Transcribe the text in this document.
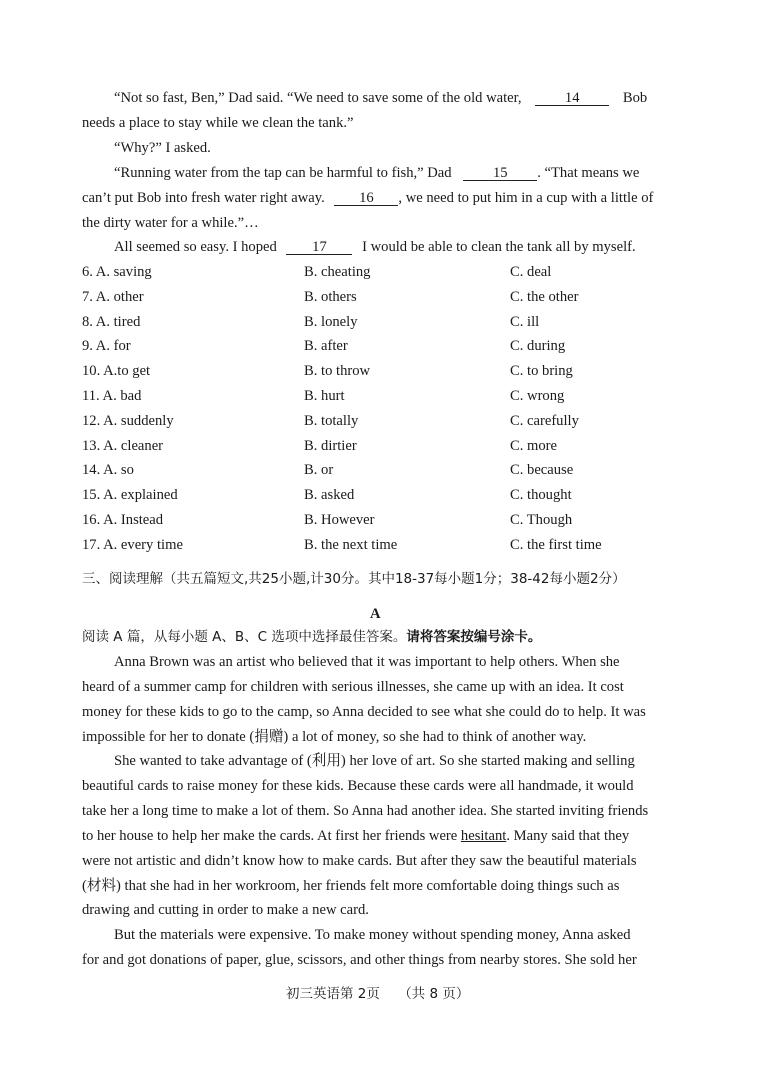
“Not so fast, Ben,” Dad said. “We need to save some of the old water,	14	Bob
needs a place to stay while we clean the tank.”
“Why?” I asked.
“Running water from the tap can be harmful to fish,” Dad	15 . “That means we
can’t put Bob into fresh water right away. 16 , we need to put him in a cup with a little of
the dirty water for a while.”…
All seemed so easy. I hoped 17 I would be able to clean the tank all by myself.
6. A. saving	B. cheating	C. deal
7. A. other	B. others	C. the other
8. A. tired	B. lonely	C. ill
9. A. for	B. after	C. during
10. A.to get	B. to throw	C. to bring
11. A. bad	B. hurt	C. wrong
12. A. suddenly	B. totally	C. carefully
13. A. cleaner	B. dirtier	C. more
14. A. so	B. or	C. because
15. A. explained	B. asked	C. thought
16. A. Instead	B. However	C. Though
17. A. every time	B. the next time	C. the first time
三、阅读理解（共五篇短文,共25小题,计30分。其中18-37每小题1分；38-42每小题2分）
A
阅读 A 篇，从每小题 A、B、C 选项中选择最佳答案。请将答案按编号涂卡。
Anna Brown was an artist who believed that it was important to help others. When she
heard of a summer camp for children with serious illnesses, she came up with an idea. It cost
money for these kids to go to the camp, so Anna decided to see what she could do to help. It was
impossible for her to donate (捐赠) a lot of money, so she had to think of another way.
She wanted to take advantage of (利用) her love of art. So she started making and selling
beautiful cards to raise money for these kids. Because these cards were all handmade, it would
take her a long time to make a lot of them. So Anna had another idea. She started inviting friends
to her house to help her make the cards. At first her friends were hesitant. Many said that they
were not artistic and didn’t know how to make cards. But after they saw the beautiful materials
(材料) that she had in her workroom, her friends felt more comfortable doing things such as
drawing and cutting in order to make a new card.
But the materials were expensive. To make money without spending money, Anna asked
for and got donations of paper, glue, scissors, and other things from nearby stores. She sold her
初三英语第 2页 （共 8 页）
